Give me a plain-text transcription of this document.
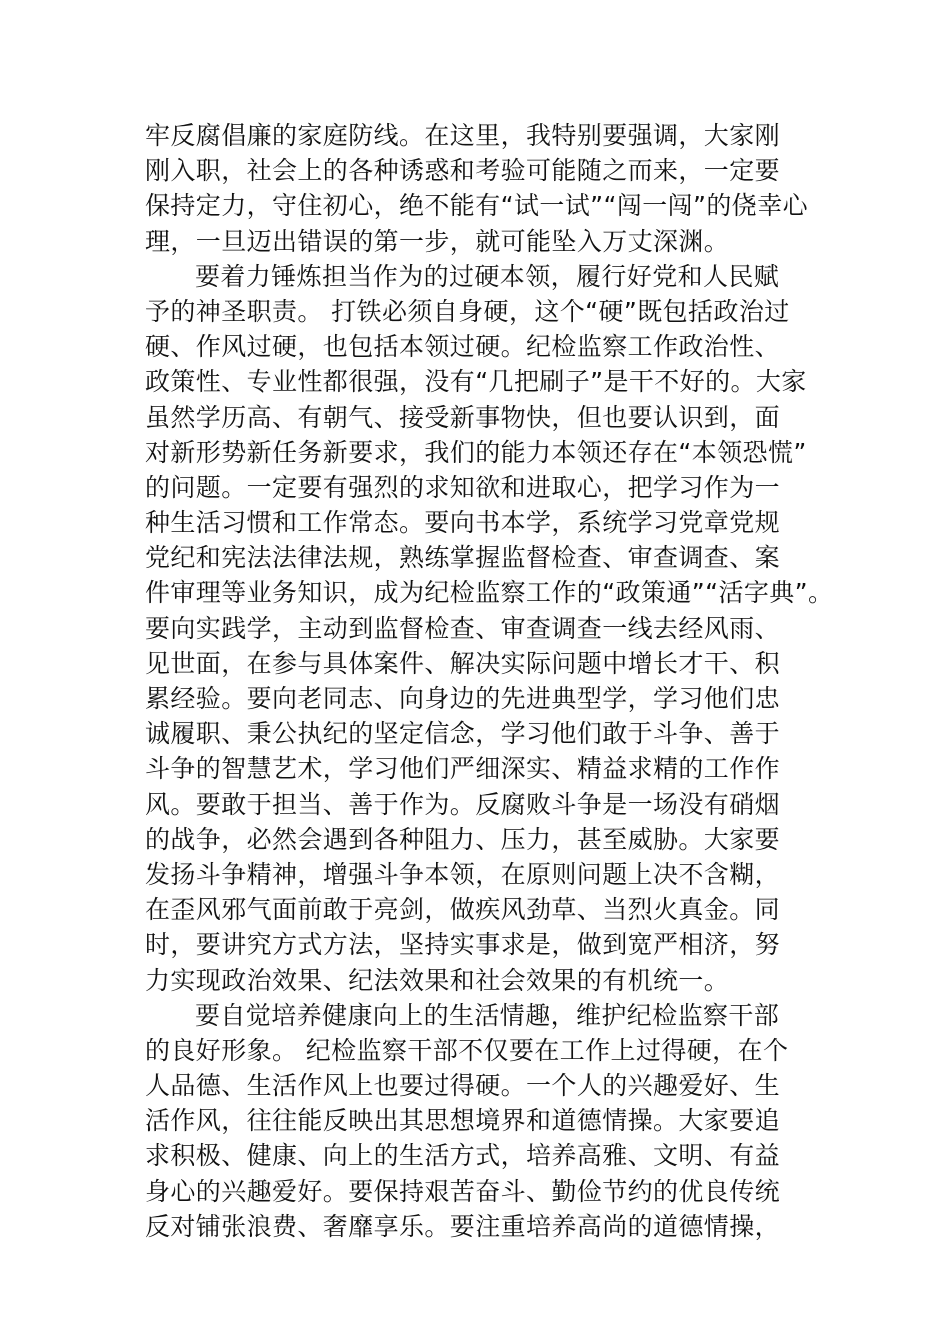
牢反腐倡廉的家庭防线。在这里，我特别要强调，大家刚
刚入职，社会上的各种诱惑和考验可能随之而来，一定要
保持定力，守住初心，绝不能有“试一试”“闯一闯”的侥幸心
理，一旦迈出错误的第一步，就可能坠入万丈深渊。
要着力锤炼担当作为的过硬本领，履行好党和人民赋
予的神圣职责。 打铁必须自身硬，这个“硬”既包括政治过
硬、作风过硬，也包括本领过硬。纪检监察工作政治性、
政策性、专业性都很强，没有“几把刷子”是干不好的。大家
虽然学历高、有朝气、接受新事物快，但也要认识到，面
对新形势新任务新要求，我们的能力本领还存在“本领恐慌”
的问题。一定要有强烈的求知欲和进取心，把学习作为一
种生活习惯和工作常态。要向书本学，系统学习党章党规
党纪和宪法法律法规，熟练掌握监督检查、审查调查、案
件审理等业务知识，成为纪检监察工作的“政策通”“活字典”。
要向实践学，主动到监督检查、审查调查一线去经风雨、
见世面，在参与具体案件、解决实际问题中增长才干、积
累经验。要向老同志、向身边的先进典型学，学习他们忠
诚履职、秉公执纪的坚定信念，学习他们敢于斗争、善于
斗争的智慧艺术，学习他们严细深实、精益求精的工作作
风。要敢于担当、善于作为。反腐败斗争是一场没有硝烟
的战争，必然会遇到各种阻力、压力，甚至威胁。大家要
发扬斗争精神，增强斗争本领，在原则问题上决不含糊，
在歪风邪气面前敢于亮剑，做疾风劲草、当烈火真金。同
时，要讲究方式方法，坚持实事求是，做到宽严相济，努
力实现政治效果、纪法效果和社会效果的有机统一。
要自觉培养健康向上的生活情趣，维护纪检监察干部
的良好形象。 纪检监察干部不仅要在工作上过得硬，在个
人品德、生活作风上也要过得硬。一个人的兴趣爱好、生
活作风，往往能反映出其思想境界和道德情操。大家要追
求积极、健康、向上的生活方式，培养高雅、文明、有益
身心的兴趣爱好。要保持艰苦奋斗、勤俭节约的优良传统
反对铺张浪费、奢靡享乐。要注重培养高尚的道德情操，
